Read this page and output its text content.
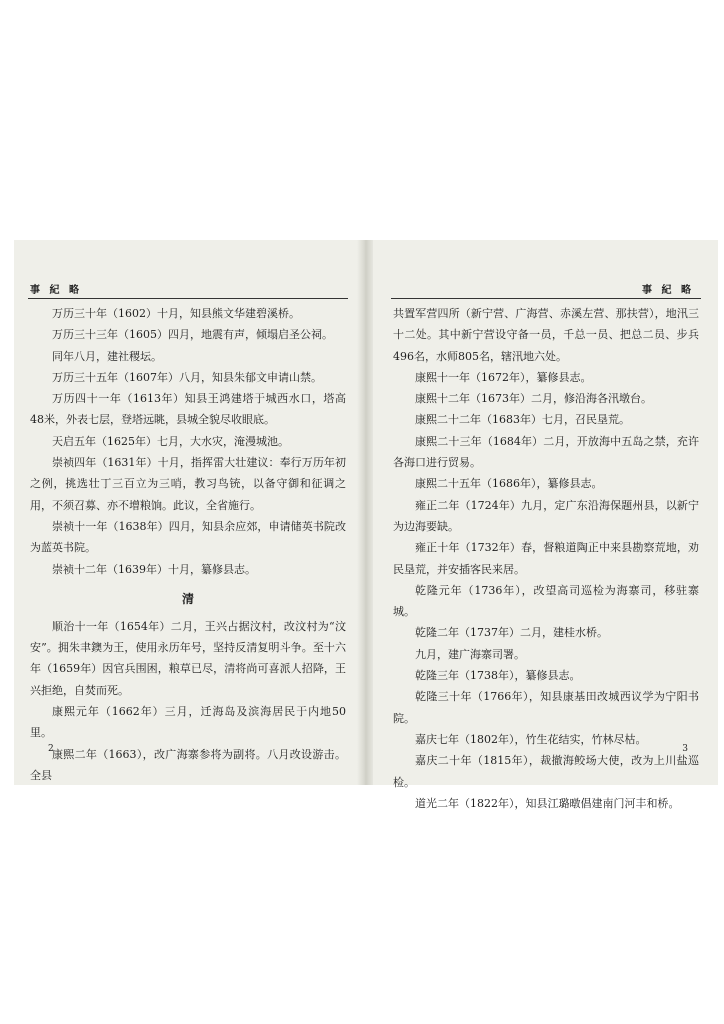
事 紀 略

万历三十年（1602）十月，知县熊文华建碧溪桥。

万历三十三年（1605）四月，地震有声，倾塌启圣公祠。

同年八月，建社稷坛。

万历三十五年（1607年）八月，知县朱郁文申请山禁。

万历四十一年（1613年）知县王鸿建塔于城西水口，塔高48米，外表七层，登塔远眺，县城全貌尽收眼底。

天启五年（1625年）七月，大水灾，淹漫城池。

崇祯四年（1631年）十月，指挥雷大壮建议：奉行万历年初之例，挑选壮丁三百立为三哨，教习鸟铳，以备守御和征调之用，不须召募、亦不增粮饷。此议，全省施行。

崇祯十一年（1638年）四月，知县余应郊，申请储英书院改为蓝英书院。

崇祯十二年（1639年）十月，纂修县志。

清

顺治十一年（1654年）二月，王兴占据汶村，改汶村为“汶安”。拥朱聿鐭为王，使用永历年号，坚持反清复明斗争。至十六年（1659年）因官兵围困，粮草已尽，清将尚可喜派人招降，王兴拒绝，自焚而死。

康熙元年（1662年）三月，迁海岛及滨海居民于内地50里。

康熙二年（1663），改广海寨参将为副将。八月改设游击。全县

2
事 紀 略

共置军营四所（新宁营、广海营、赤溪左营、那扶营），地汛三十二处。其中新宁营设守备一员，千总一员、把总二员、步兵496名，水师805名，辖汛地六处。

康熙十一年（1672年），纂修县志。

康熙十二年（1673年）二月，修沿海各汛墩台。

康熙二十二年（1683年）七月，召民垦荒。

康熙二十三年（1684年）二月，开放海中五岛之禁，充许各海口进行贸易。

康熙二十五年（1686年），纂修县志。

雍正二年（1724年）九月，定广东沿海保题州县，以新宁为边海要缺。

雍正十年（1732年）春，督粮道陶正中来县勘察荒地，劝民垦荒，并安插客民来居。

乾隆元年（1736年），改望高司巡检为海寨司，移驻寨城。

乾隆二年（1737年）二月，建桂水桥。

九月，建广海寨司署。

乾隆三年（1738年），纂修县志。

乾隆三十年（1766年），知县康基田改城西议学为宁阳书院。

嘉庆七年（1802年），竹生花结实，竹林尽枯。

嘉庆二十年（1815年），裁撤海鲛场大使，改为上川盐巡检。

道光二年（1822年），知县江璐暾倡建南门河丰和桥。

3
